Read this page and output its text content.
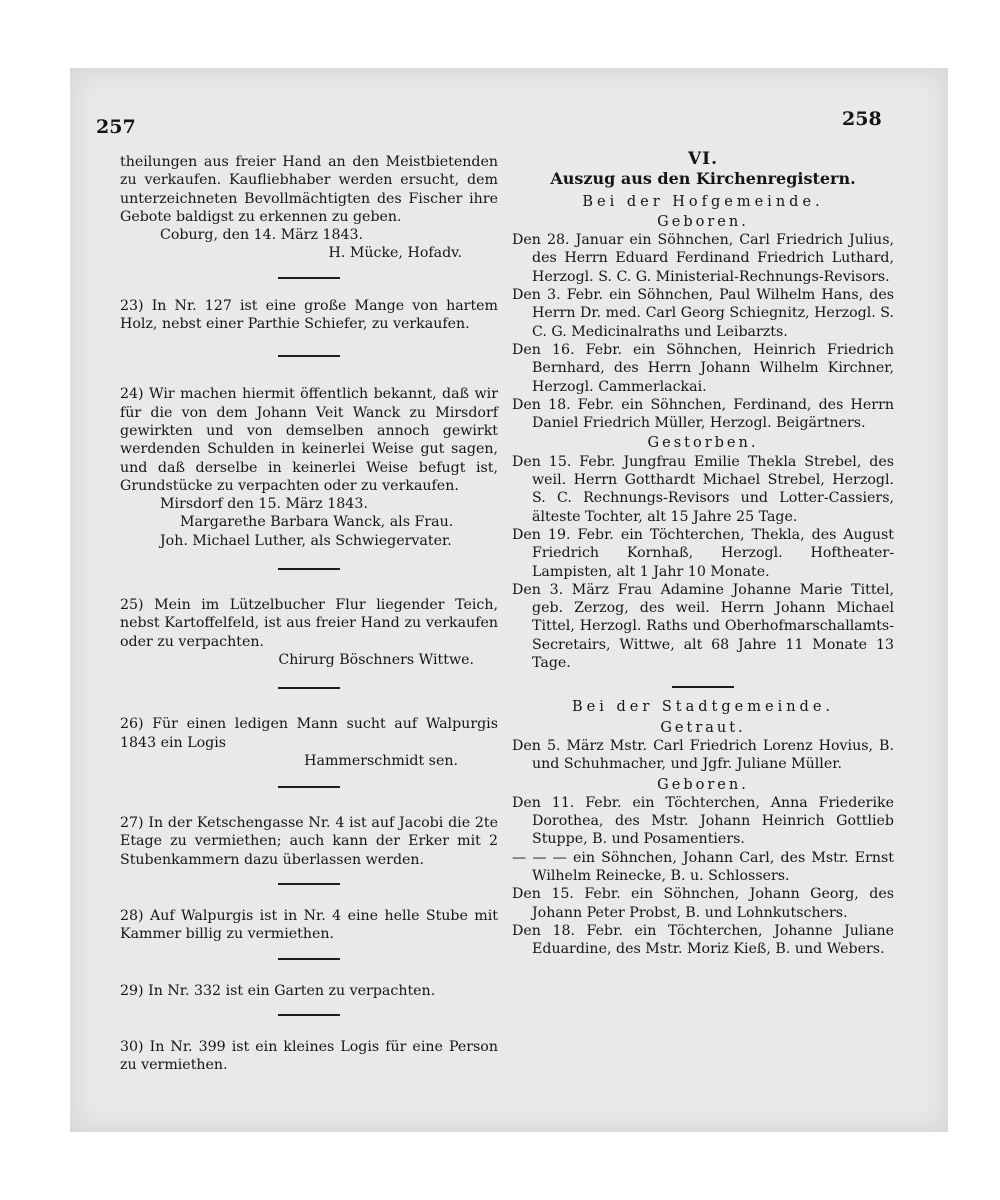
257	258

theilungen aus freier Hand an den Meistbietenden zu verkaufen. Kaufliebhaber werden ersucht, dem unterzeichneten Bevollmächtigten des Fischer ihre Gebote baldigst zu erkennen zu geben.

Coburg, den 14. März 1843.

H. Mücke, Hofadv.

23) In Nr. 127 ist eine große Mange von hartem Holz, nebst einer Parthie Schiefer, zu verkaufen.

24) Wir machen hiermit öffentlich bekannt, daß wir für die von dem Johann Veit Wanck zu Mirsdorf gewirkten und von demselben annoch gewirkt werdenden Schulden in keinerlei Weise gut sagen, und daß derselbe in keinerlei Weise befugt ist, Grundstücke zu verpachten oder zu verkaufen.

Mirsdorf den 15. März 1843.

Margarethe Barbara Wanck, als Frau.

Joh. Michael Luther, als Schwiegervater.

25) Mein im Lützelbucher Flur liegender Teich, nebst Kartoffelfeld, ist aus freier Hand zu verkaufen oder zu verpachten.

Chirurg Böschners Wittwe.

26) Für einen ledigen Mann sucht auf Walpurgis 1843 ein Logis

Hammerschmidt sen.

27) In der Ketschengasse Nr. 4 ist auf Jacobi die 2te Etage zu vermiethen; auch kann der Erker mit 2 Stubenkammern dazu überlassen werden.

28) Auf Walpurgis ist in Nr. 4 eine helle Stube mit Kammer billig zu vermiethen.

29) In Nr. 332 ist ein Garten zu verpachten.

30) In Nr. 399 ist ein kleines Logis für eine Person zu vermiethen.

VI.
Auszug aus den Kirchenregistern.
Bei der Hofgemeinde.
Geboren.

Den 28. Januar ein Söhnchen, Carl Friedrich Julius, des Herrn Eduard Ferdinand Friedrich Luthard, Herzogl. S. C. G. Ministerial-Rechnungs-Revisors.

Den 3. Febr. ein Söhnchen, Paul Wilhelm Hans, des Herrn Dr. med. Carl Georg Schiegnitz, Herzogl. S. C. G. Medicinalraths und Leibarzts.

Den 16. Febr. ein Söhnchen, Heinrich Friedrich Bernhard, des Herrn Johann Wilhelm Kirchner, Herzogl. Cammerlackai.

Den 18. Febr. ein Söhnchen, Ferdinand, des Herrn Daniel Friedrich Müller, Herzogl. Beigärtners.

Gestorben.

Den 15. Febr. Jungfrau Emilie Thekla Strebel, des weil. Herrn Gotthardt Michael Strebel, Herzogl. S. C. Rechnungs-Revisors und Lotter-Cassiers, älteste Tochter, alt 15 Jahre 25 Tage.

Den 19. Febr. ein Töchterchen, Thekla, des August Friedrich Kornhaß, Herzogl. Hoftheater-Lampisten, alt 1 Jahr 10 Monate.

Den 3. März Frau Adamine Johanne Marie Tittel, geb. Zerzog, des weil. Herrn Johann Michael Tittel, Herzogl. Raths und Oberhofmarschallamts-Secretairs, Wittwe, alt 68 Jahre 11 Monate 13 Tage.

Bei der Stadtgemeinde.
Getraut.

Den 5. März Mstr. Carl Friedrich Lorenz Hovius, B. und Schuhmacher, und Jgfr. Juliane Müller.

Geboren.

Den 11. Febr. ein Töchterchen, Anna Friederike Dorothea, des Mstr. Johann Heinrich Gottlieb Stuppe, B. und Posamentiers.

— — — ein Söhnchen, Johann Carl, des Mstr. Ernst Wilhelm Reinecke, B. u. Schlossers.

Den 15. Febr. ein Söhnchen, Johann Georg, des Johann Peter Probst, B. und Lohnkutschers.

Den 18. Febr. ein Töchterchen, Johanne Juliane Eduardine, des Mstr. Moriz Kieß, B. und Webers.
